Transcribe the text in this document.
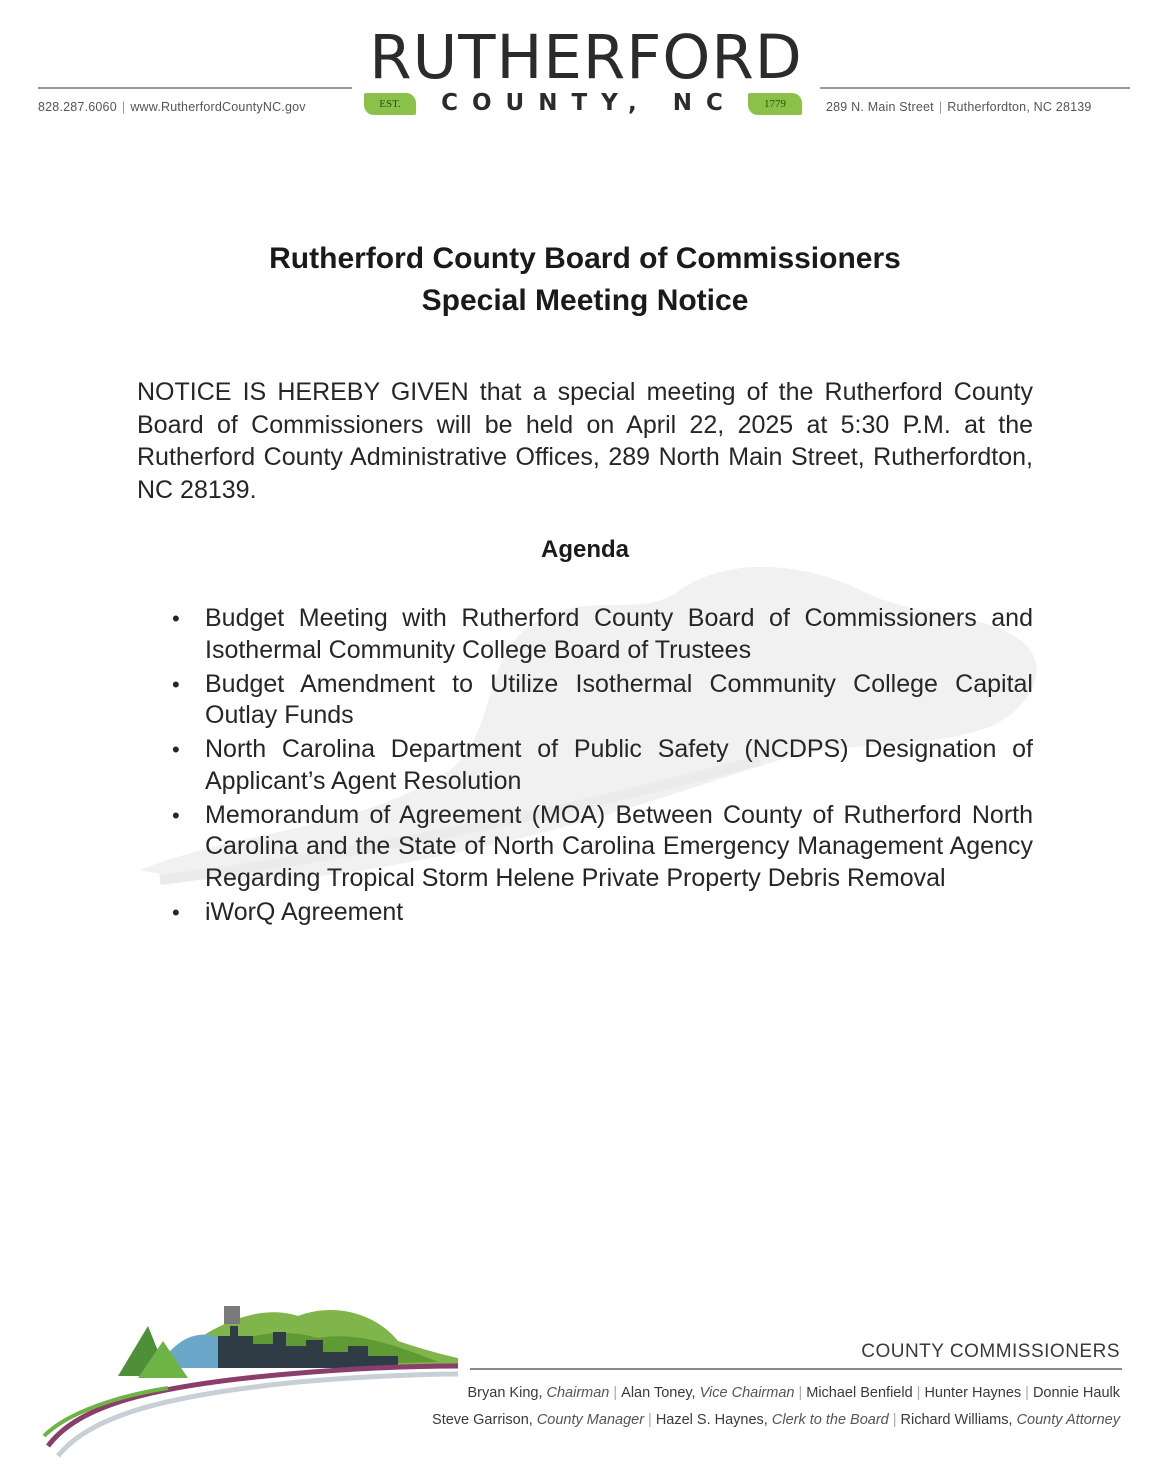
828.287.6060 | www.RutherfordCountyNC.gov	289 N. Main Street | Rutherfordton, NC 28139
RUTHERFORD
EST.	COUNTY, NC	1779
Rutherford County Board of Commissioners
Special Meeting Notice
NOTICE IS HEREBY GIVEN that a special meeting of the Rutherford County Board of Commissioners will be held on April 22, 2025 at 5:30 P.M. at the Rutherford County Administrative Offices, 289 North Main Street, Rutherfordton, NC 28139.
Agenda
• Budget Meeting with Rutherford County Board of Commissioners and Isothermal Community College Board of Trustees
• Budget Amendment to Utilize Isothermal Community College Capital Outlay Funds
• North Carolina Department of Public Safety (NCDPS) Designation of Applicant’s Agent Resolution
• Memorandum of Agreement (MOA) Between County of Rutherford North Carolina and the State of North Carolina Emergency Management Agency Regarding Tropical Storm Helene Private Property Debris Removal
• iWorQ Agreement
COUNTY COMMISSIONERS
Bryan King, Chairman | Alan Toney, Vice Chairman | Michael Benfield | Hunter Haynes | Donnie Haulk
Steve Garrison, County Manager | Hazel S. Haynes, Clerk to the Board | Richard Williams, County Attorney
